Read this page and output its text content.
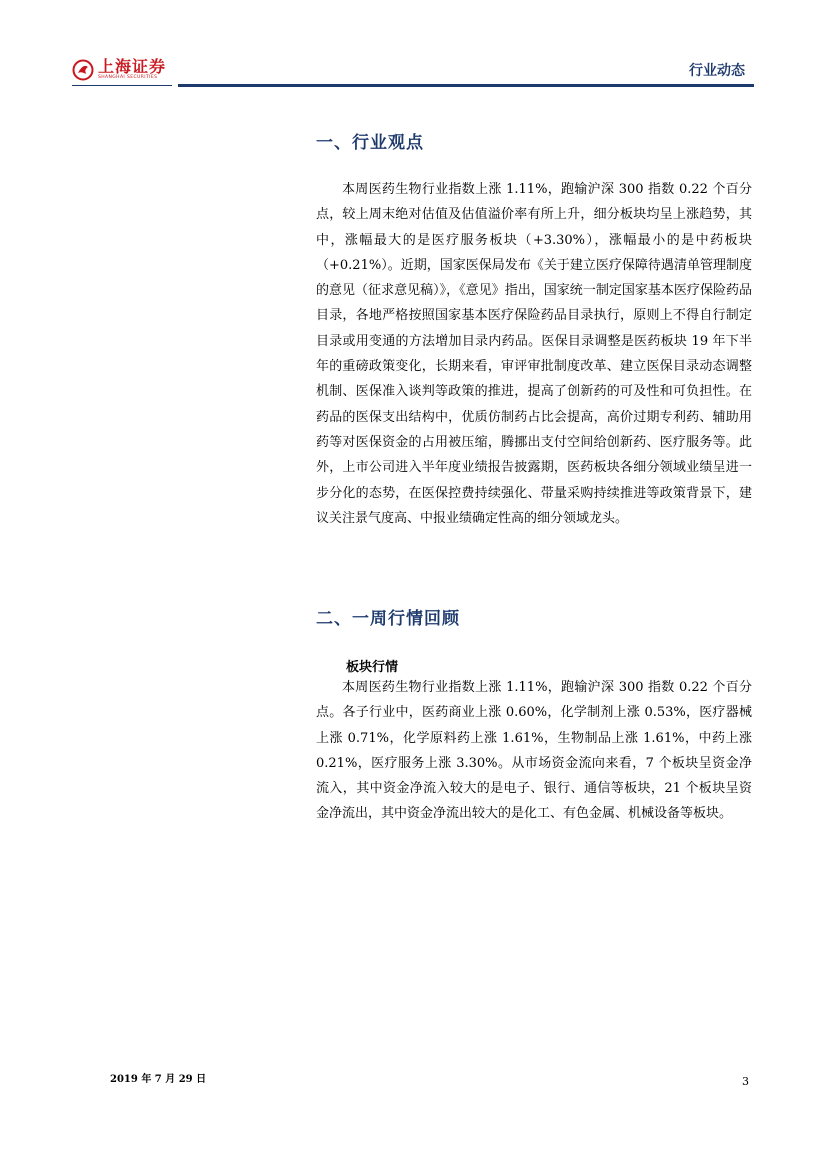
上海证券
SHANGHAI SECURITIES	行业动态
一、行业观点

本周医药生物行业指数上涨 1.11%，跑输沪深 300 指数 0.22 个百分点，较上周末绝对估值及估值溢价率有所上升，细分板块均呈上涨趋势，其中，涨幅最大的是医疗服务板块（+3.30%），涨幅最小的是中药板块（+0.21%）。近期，国家医保局发布《关于建立医疗保障待遇清单管理制度的意见（征求意见稿）》，《意见》指出，国家统一制定国家基本医疗保险药品目录，各地严格按照国家基本医疗保险药品目录执行，原则上不得自行制定目录或用变通的方法增加目录内药品。医保目录调整是医药板块 19 年下半年的重磅政策变化，长期来看，审评审批制度改革、建立医保目录动态调整机制、医保准入谈判等政策的推进，提高了创新药的可及性和可负担性。在药品的医保支出结构中，优质仿制药占比会提高，高价过期专利药、辅助用药等对医保资金的占用被压缩，腾挪出支付空间给创新药、医疗服务等。此外，上市公司进入半年度业绩报告披露期，医药板块各细分领域业绩呈进一步分化的态势，在医保控费持续强化、带量采购持续推进等政策背景下，建议关注景气度高、中报业绩确定性高的细分领域龙头。

二、一周行情回顾
板块行情

本周医药生物行业指数上涨 1.11%，跑输沪深 300 指数 0.22 个百分点。各子行业中，医药商业上涨 0.60%，化学制剂上涨 0.53%，医疗器械上涨 0.71%，化学原料药上涨 1.61%，生物制品上涨 1.61%，中药上涨 0.21%，医疗服务上涨 3.30%。从市场资金流向来看，7 个板块呈资金净流入，其中资金净流入较大的是电子、银行、通信等板块，21 个板块呈资金净流出，其中资金净流出较大的是化工、有色金属、机械设备等板块。

2019 年 7 月 29 日	3
